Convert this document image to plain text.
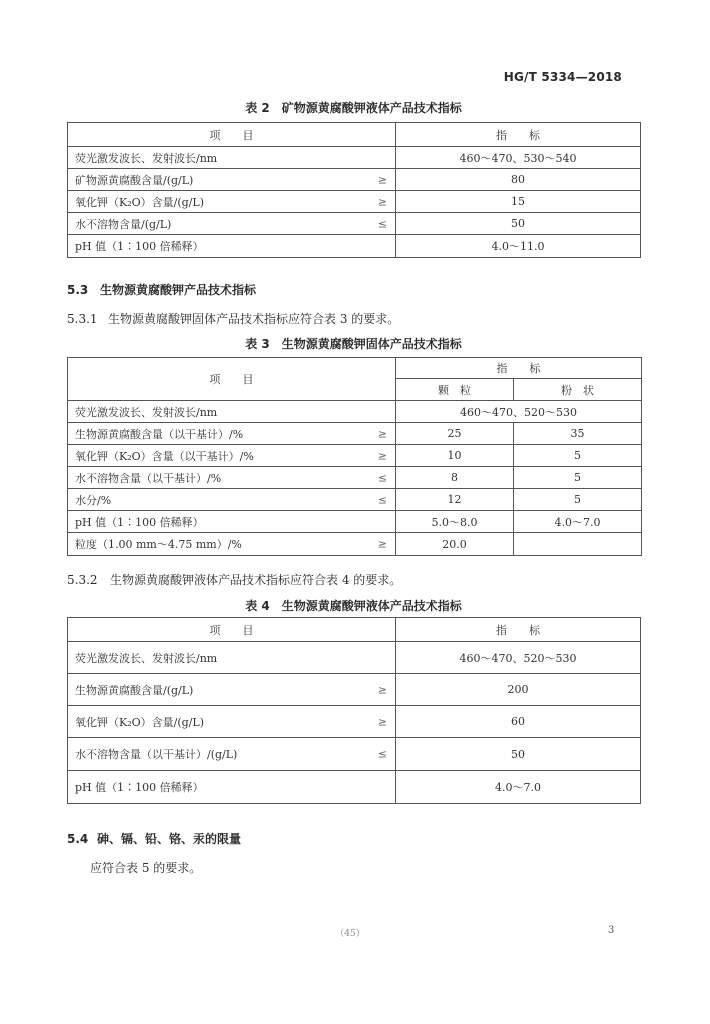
HG/T 5334—2018
表 2　矿物源黄腐酸钾液体产品技术指标
项　　目	指　　标
荧光激发波长、发射波长/nm	460～470、530～540
矿物源黄腐酸含量/(g/L) ≥	80
氧化钾（K₂O）含量/(g/L) ≥	15
水不溶物含量/(g/L) ≤	50
pH 值（1∶100 倍稀释）	4.0～11.0
5.3 生物源黄腐酸钾产品技术指标
5.3.1 生物源黄腐酸钾固体产品技术指标应符合表 3 的要求。
表 3　生物源黄腐酸钾固体产品技术指标
项　　目	指　　标	
	颗　粒	粉　状
荧光激发波长、发射波长/nm	460～470、520～530	
生物源黄腐酸含量（以干基计）/% ≥	25	35
氧化钾（K₂O）含量（以干基计）/% ≥	10	5
水不溶物含量（以干基计）/% ≤	8	5
水分/% ≤	12	5
pH 值（1∶100 倍稀释）	5.0～8.0	4.0～7.0
粒度（1.00 mm～4.75 mm）/% ≥	20.0	
5.3.2 生物源黄腐酸钾液体产品技术指标应符合表 4 的要求。
表 4　生物源黄腐酸钾液体产品技术指标
项　　目	指　　标
荧光激发波长、发射波长/nm	460～470、520～530
生物源黄腐酸含量/(g/L) ≥	200
氧化钾（K₂O）含量/(g/L) ≥	60
水不溶物含量（以干基计）/(g/L) ≤	50
pH 值（1∶100 倍稀释）	4.0～7.0
5.4 砷、镉、铅、铬、汞的限量
应符合表 5 的要求。
（45）	3
